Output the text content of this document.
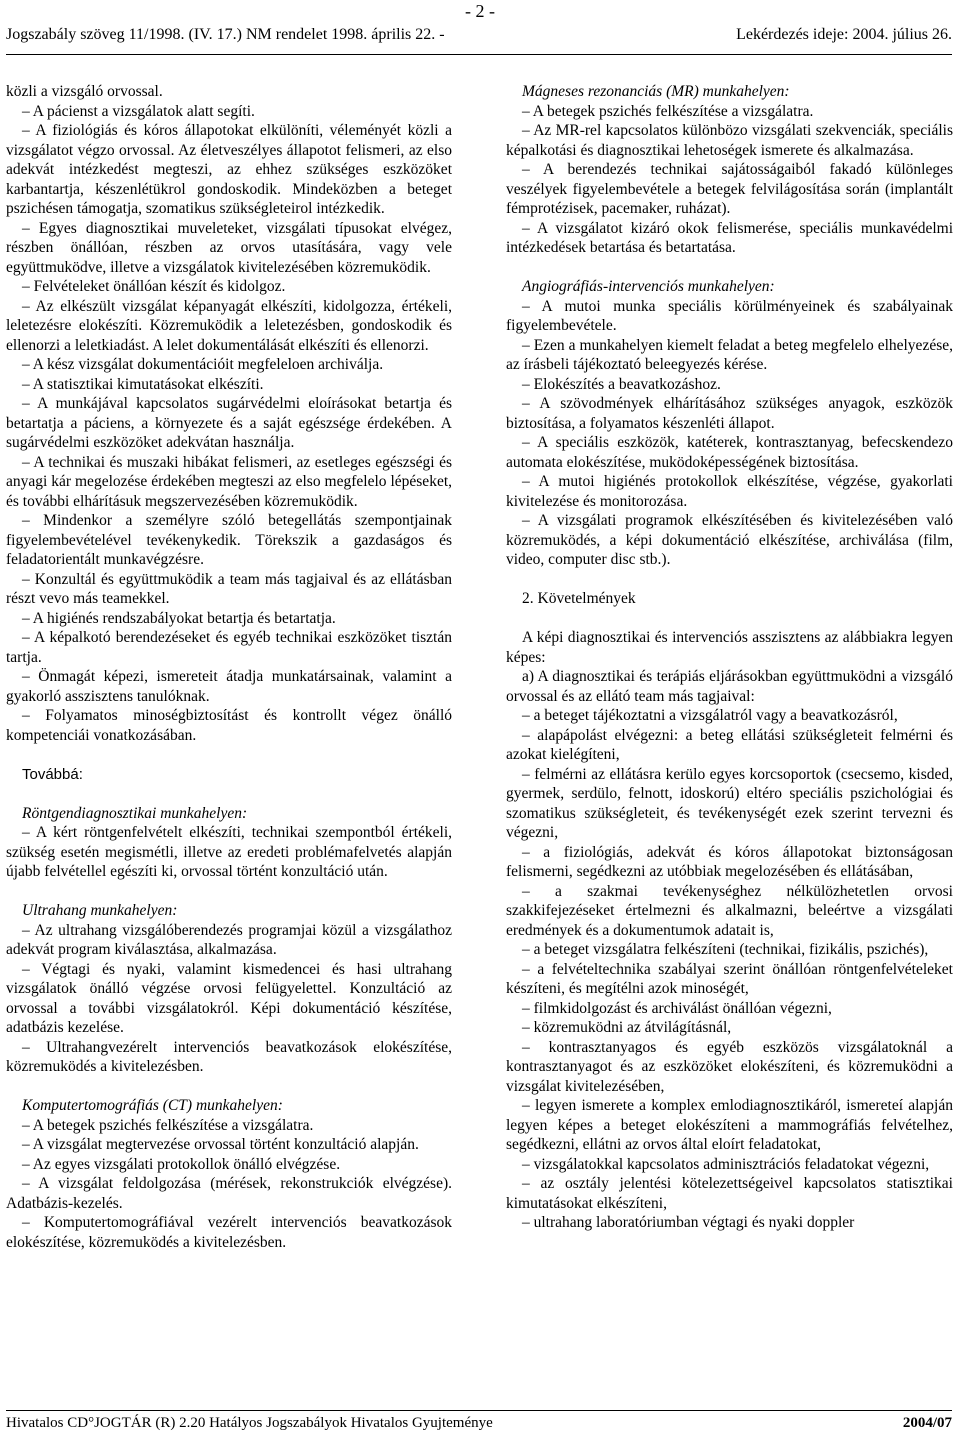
- 2 -
Jogszabály szöveg 11/1998. (IV. 17.) NM rendelet 1998. április 22. -	Lekérdezés ideje: 2004. július 26.

közli a vizsgáló orvossal.

– A pácienst a vizsgálatok alatt segíti.

– A fiziológiás és kóros állapotokat elkülöníti, véleményét közli a vizsgálatot végzo orvossal. Az életveszélyes állapotot felismeri, az elso adekvát intézkedést megteszi, az ehhez szükséges eszközöket karbantartja, készenlétükrol gondoskodik. Mindeközben a beteget pszichésen támogatja, szomatikus szükségleteirol intézkedik.

– Egyes diagnosztikai muveleteket, vizsgálati típusokat elvégez, részben önállóan, részben az orvos utasítására, vagy vele együttmuködve, illetve a vizsgálatok kivitelezésében közremuködik.

– Felvételeket önállóan készít és kidolgoz.

– Az elkészült vizsgálat képanyagát elkészíti, kidolgozza, értékeli, leletezésre elokészíti. Közremuködik a leletezésben, gondoskodik és ellenorzi a leletkiadást. A lelet dokumentálását elkészíti és ellenorzi.

– A kész vizsgálat dokumentációit megfeleloen archiválja.

– A statisztikai kimutatásokat elkészíti.

– A munkájával kapcsolatos sugárvédelmi eloírásokat betartja és betartatja a páciens, a környezete és a saját egészsége érdekében. A sugárvédelmi eszközöket adekvátan használja.

– A technikai és muszaki hibákat felismeri, az esetleges egészségi és anyagi kár megelozése érdekében megteszi az elso megfelelo lépéseket, és további elhárításuk megszervezésében közremuködik.

– Mindenkor a személyre szóló betegellátás szempontjainak figyelembevételével tevékenykedik. Törekszik a gazdaságos és feladatorientált munkavégzésre.

– Konzultál és együttmuködik a team más tagjaival és az ellátásban részt vevo más teamekkel.

– A higiénés rendszabályokat betartja és betartatja.

– A képalkotó berendezéseket és egyéb technikai eszközöket tisztán tartja.

– Önmagát képezi, ismereteit átadja munkatársainak, valamint a gyakorló asszisztens tanulóknak.

– Folyamatos minoségbiztosítást és kontrollt végez önálló kompetenciái vonatkozásában.

Továbbá:

Röntgendiagnosztikai munkahelyen:

– A kért röntgenfelvételt elkészíti, technikai szempontból értékeli, szükség esetén megismétli, illetve az eredeti problémafelvetés alapján újabb felvétellel egészíti ki, orvossal történt konzultáció után.

Ultrahang munkahelyen:

– Az ultrahang vizsgálóberendezés programjai közül a vizsgálathoz adekvát program kiválasztása, alkalmazása.

– Végtagi és nyaki, valamint kismedencei és hasi ultrahang vizsgálatok önálló végzése orvosi felügyelettel. Konzultáció az orvossal a további vizsgálatokról. Képi dokumentáció készítése, adatbázis kezelése.

– Ultrahangvezérelt intervenciós beavatkozások elokészítése, közremuködés a kivitelezésben.

Komputertomográfiás (CT) munkahelyen:

– A betegek pszichés felkészítése a vizsgálatra.

– A vizsgálat megtervezése orvossal történt konzultáció alapján.

– Az egyes vizsgálati protokollok önálló elvégzése.

– A vizsgálat feldolgozása (mérések, rekonstrukciók elvégzése). Adatbázis-kezelés.

– Komputertomográfiával vezérelt intervenciós beavatkozások elokészítése, közremuködés a kivitelezésben.

Mágneses rezonanciás (MR) munkahelyen:

– A betegek pszichés felkészítése a vizsgálatra.

– Az MR-rel kapcsolatos különbözo vizsgálati szekvenciák, speciális képalkotási és diagnosztikai lehetoségek ismerete és alkalmazása.

– A berendezés technikai sajátosságaiból fakadó különleges veszélyek figyelembevétele a betegek felvilágosítása során (implantált fémprotézisek, pacemaker, ruházat).

– A vizsgálatot kizáró okok felismerése, speciális munkavédelmi intézkedések betartása és betartatása.

Angiográfiás-intervenciós munkahelyen:

– A mutoi munka speciális körülményeinek és szabályainak figyelembevétele.

– Ezen a munkahelyen kiemelt feladat a beteg megfelelo elhelyezése, az írásbeli tájékoztató beleegyezés kérése.

– Elokészítés a beavatkozáshoz.

– A szövodmények elhárításához szükséges anyagok, eszközök biztosítása, a folyamatos készenléti állapot.

– A speciális eszközök, katéterek, kontrasztanyag, befecskendezo automata elokészítése, muködoképességének biztosítása.

– A mutoi higiénés protokollok elkészítése, végzése, gyakorlati kivitelezése és monitorozása.

– A vizsgálati programok elkészítésében és kivitelezésében való közremuködés, a képi dokumentáció elkészítése, archiválása (film, video, computer disc stb.).

2. Követelmények

A képi diagnosztikai és intervenciós asszisztens az alábbiakra legyen képes:

a) A diagnosztikai és terápiás eljárásokban együttmuködni a vizsgáló orvossal és az ellátó team más tagjaival:

– a beteget tájékoztatni a vizsgálatról vagy a beavatkozásról,

– alapápolást elvégezni: a beteg ellátási szükségleteit felmérni és azokat kielégíteni,

– felmérni az ellátásra kerülo egyes korcsoportok (csecsemo, kisded, gyermek, serdülo, felnott, idoskorú) eltéro speciális pszichológiai és szomatikus szükségleteit, és tevékenységét ezek szerint tervezni és végezni,

– a fiziológiás, adekvát és kóros állapotokat biztonságosan felismerni, segédkezni az utóbbiak megelozésében és ellátásában,

– a szakmai tevékenységhez nélkülözhetetlen orvosi szakkifejezéseket értelmezni és alkalmazni, beleértve a vizsgálati eredmények és a dokumentumok adatait is,

– a beteget vizsgálatra felkészíteni (technikai, fizikális, pszichés),

– a felvételtechnika szabályai szerint önállóan röntgenfelvételeket készíteni, és megítélni azok minoségét,

– filmkidolgozást és archiválást önállóan végezni,

– közremuködni az átvilágításnál,

– kontrasztanyagos és egyéb eszközös vizsgálatoknál a kontrasztanyagot és az eszközöket elokészíteni, és közremuködni a vizsgálat kivitelezésében,

– legyen ismerete a komplex emlodiagnosztikáról, ismereteí alapján legyen képes a beteget elokészíteni a mammográfiás felvételhez, segédkezni, ellátni az orvos által eloírt feladatokat,

– vizsgálatokkal kapcsolatos adminisztrációs feladatokat végezni,

– az osztály jelentési kötelezettségeivel kapcsolatos statisztikai kimutatásokat elkészíteni,

– ultrahang laboratóriumban végtagi és nyaki doppler

Hivatalos CD°JOGTÁR (R) 2.20 Hatályos Jogszabályok Hivatalos Gyujteménye	2004/07
